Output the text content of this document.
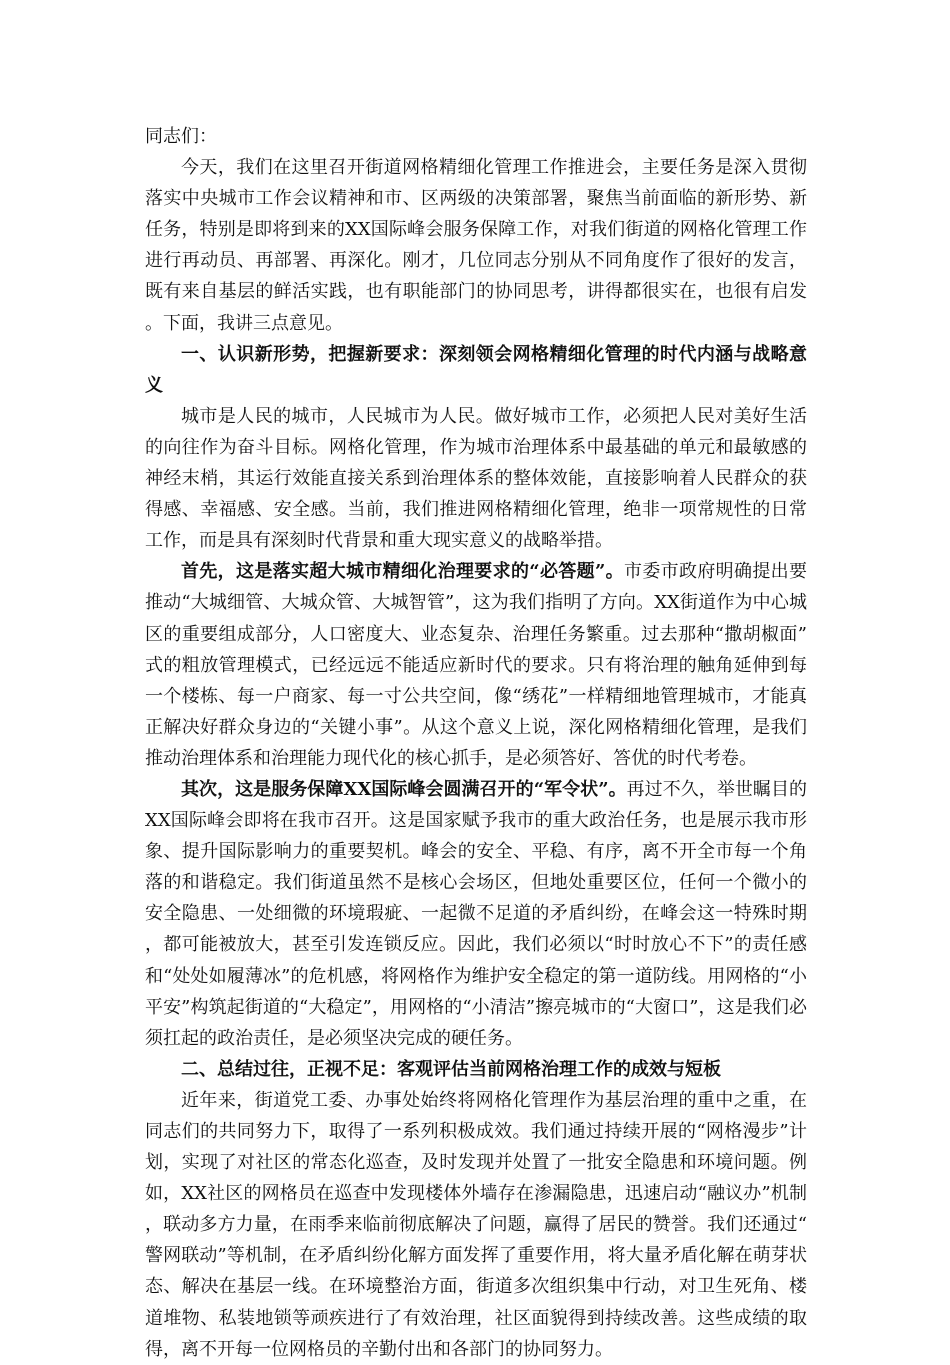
同志们：

今天，我们在这里召开街道网格精细化管理工作推进会，主要任务是深入贯彻落实中央城市工作会议精神和市、区两级的决策部署，聚焦当前面临的新形势、新任务，特别是即将到来的XX国际峰会服务保障工作，对我们街道的网格化管理工作进行再动员、再部署、再深化。刚才，几位同志分别从不同角度作了很好的发言，既有来自基层的鲜活实践，也有职能部门的协同思考，讲得都很实在，也很有启发。下面，我讲三点意见。

一、认识新形势，把握新要求：深刻领会网格精细化管理的时代内涵与战略意义

城市是人民的城市，人民城市为人民。做好城市工作，必须把人民对美好生活的向往作为奋斗目标。网格化管理，作为城市治理体系中最基础的单元和最敏感的神经末梢，其运行效能直接关系到治理体系的整体效能，直接影响着人民群众的获得感、幸福感、安全感。当前，我们推进网格精细化管理，绝非一项常规性的日常工作，而是具有深刻时代背景和重大现实意义的战略举措。

首先，这是落实超大城市精细化治理要求的“必答题”。市委市政府明确提出要推动“大城细管、大城众管、大城智管”，这为我们指明了方向。XX街道作为中心城区的重要组成部分，人口密度大、业态复杂、治理任务繁重。过去那种“撒胡椒面”式的粗放管理模式，已经远远不能适应新时代的要求。只有将治理的触角延伸到每一个楼栋、每一户商家、每一寸公共空间，像“绣花”一样精细地管理城市，才能真正解决好群众身边的“关键小事”。从这个意义上说，深化网格精细化管理，是我们推动治理体系和治理能力现代化的核心抓手，是必须答好、答优的时代考卷。

其次，这是服务保障XX国际峰会圆满召开的“军令状”。再过不久，举世瞩目的XX国际峰会即将在我市召开。这是国家赋予我市的重大政治任务，也是展示我市形象、提升国际影响力的重要契机。峰会的安全、平稳、有序，离不开全市每一个角落的和谐稳定。我们街道虽然不是核心会场区，但地处重要区位，任何一个微小的安全隐患、一处细微的环境瑕疵、一起微不足道的矛盾纠纷，在峰会这一特殊时期，都可能被放大，甚至引发连锁反应。因此，我们必须以“时时放心不下”的责任感和“处处如履薄冰”的危机感，将网格作为维护安全稳定的第一道防线。用网格的“小平安”构筑起街道的“大稳定”，用网格的“小清洁”擦亮城市的“大窗口”，这是我们必须扛起的政治责任，是必须坚决完成的硬任务。

二、总结过往，正视不足：客观评估当前网格治理工作的成效与短板

近年来，街道党工委、办事处始终将网格化管理作为基层治理的重中之重，在同志们的共同努力下，取得了一系列积极成效。我们通过持续开展的“网格漫步”计划，实现了对社区的常态化巡查，及时发现并处置了一批安全隐患和环境问题。例如，XX社区的网格员在巡查中发现楼体外墙存在渗漏隐患，迅速启动“融议办”机制，联动多方力量，在雨季来临前彻底解决了问题，赢得了居民的赞誉。我们还通过“警网联动”等机制，在矛盾纠纷化解方面发挥了重要作用，将大量矛盾化解在萌芽状态、解决在基层一线。在环境整治方面，街道多次组织集中行动，对卫生死角、楼道堆物、私装地锁等顽疾进行了有效治理，社区面貌得到持续改善。这些成绩的取得，离不开每一位网格员的辛勤付出和各部门的协同努力。
